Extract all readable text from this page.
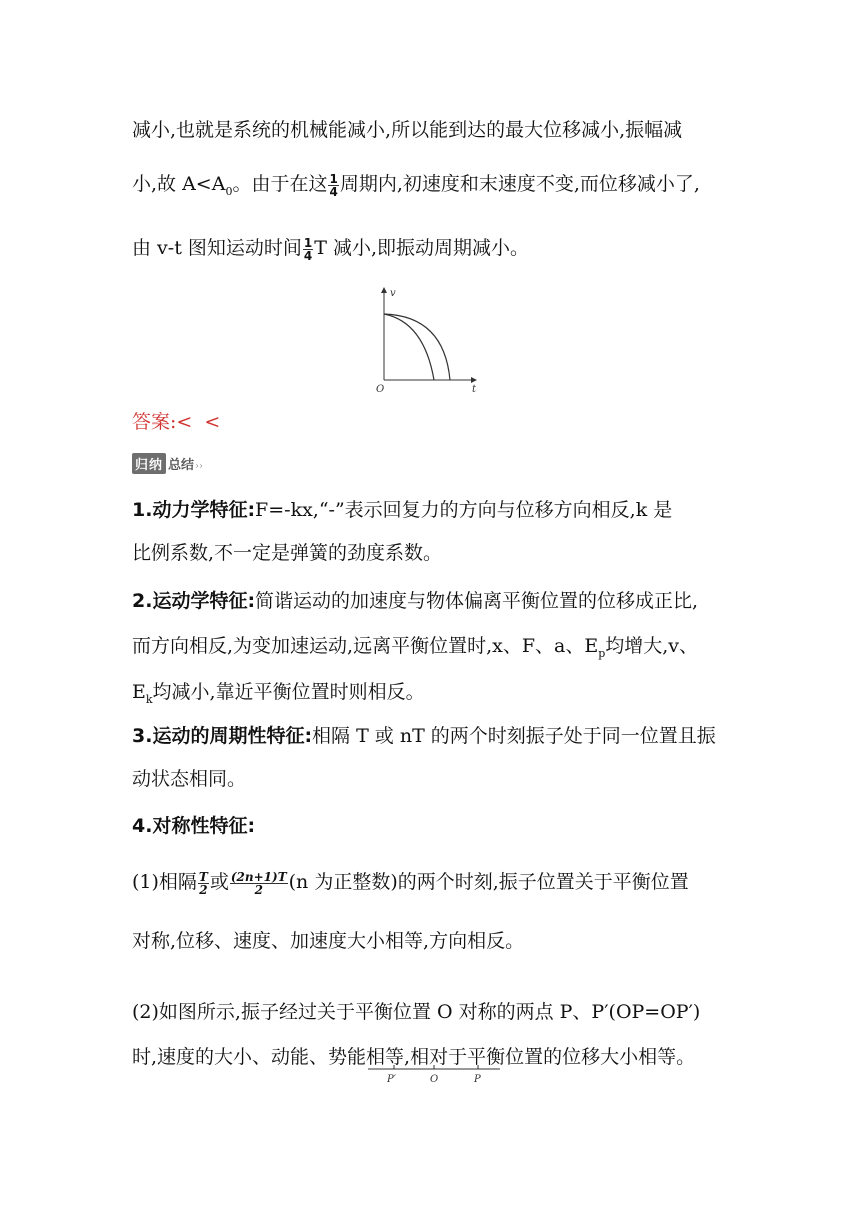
减小,也就是系统的机械能减小,所以能到达的最大位移减小,振幅减
小,故 $A<A_0$。由于在这 $\frac{1}{4}$ 周期内,初速度和末速度不变,而位移减小了,
由 v-t 图知运动时间 $\frac{1}{4}$ T 减小,即振动周期减小。
v
t
O
答案:<  <
归纳 总结››
1.动力学特征:F=-kx,“-”表示回复力的方向与位移方向相反,k 是
比例系数,不一定是弹簧的劲度系数。
2.运动学特征:简谐运动的加速度与物体偏离平衡位置的位移成正比,
而方向相反,为变加速运动,远离平衡位置时,x、F、a、$E_p$均增大,v、
$E_k$均减小,靠近平衡位置时则相反。
3.运动的周期性特征:相隔 T 或 nT 的两个时刻振子处于同一位置且振
动状态相同。
4.对称性特征:
(1)相隔 $\frac{T}{2}$ 或 $\frac{(2n+1)T}{2} (n$ 为正整数)的两个时刻,振子位置关于平衡位置
对称,位移、速度、加速度大小相等,方向相反。
(2)如图所示,振子经过关于平衡位置 O 对称的两点 P、P′(OP=OP′)
时,速度的大小、动能、势能相等,相对于平衡位置的位移大小相等。
P′	O	P
